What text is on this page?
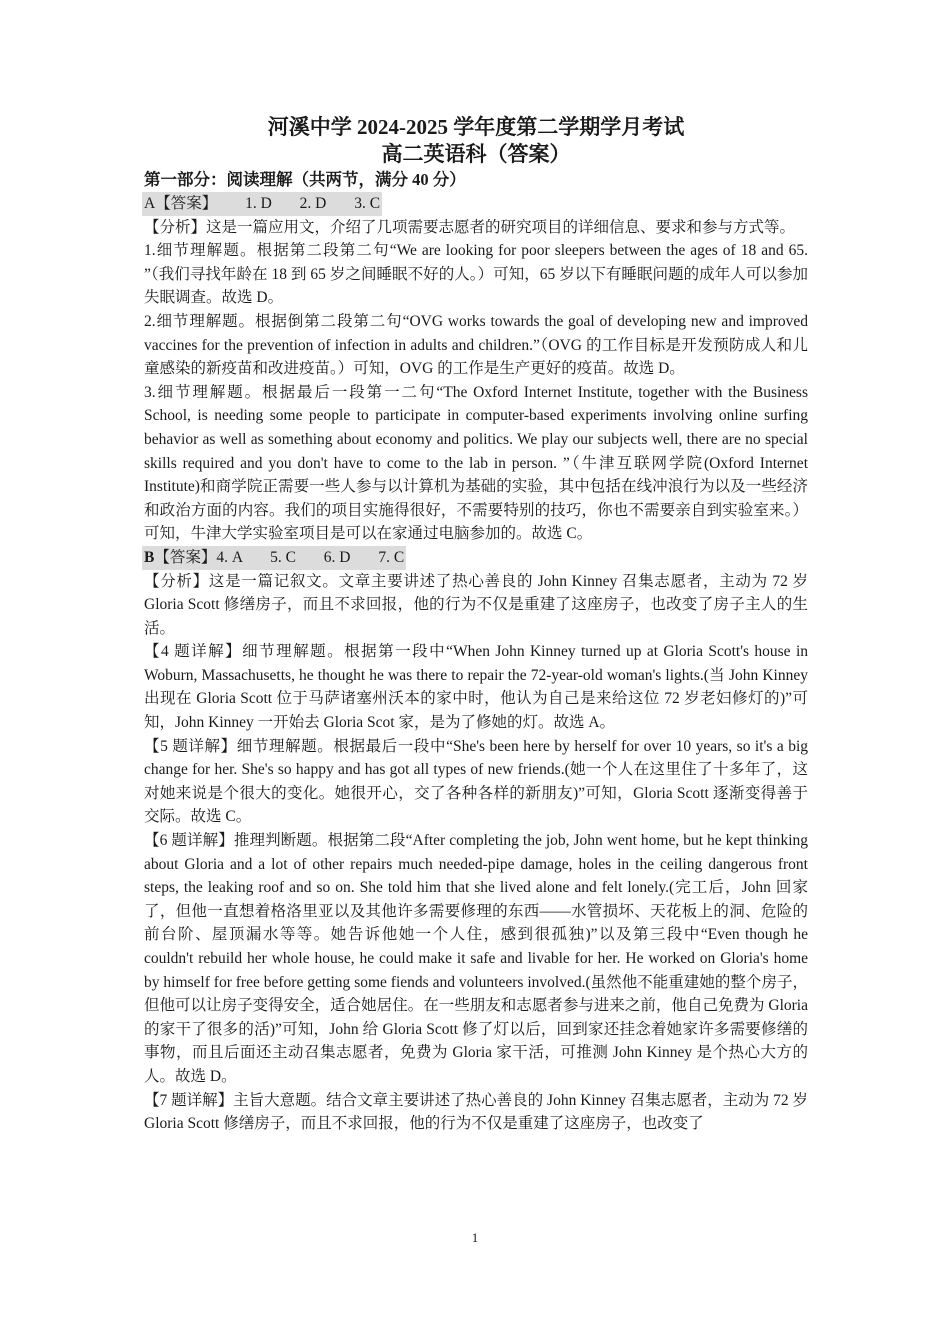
河溪中学 2024-2025 学年度第二学期学月考试

高二英语科（答案）

第一部分：阅读理解（共两节，满分 40 分）

A【答案】 1. D 2. D 3. C

【分析】这是一篇应用文，介绍了几项需要志愿者的研究项目的详细信息、要求和参与方式等。

1.细节理解题。根据第二段第二句“We are looking for poor sleepers between the ages of 18 and 65. ”（我们寻找年龄在 18 到 65 岁之间睡眠不好的人。）可知，65 岁以下有睡眠问题的成年人可以参加失眠调查。故选 D。

2.细节理解题。根据倒第二段第二句“OVG works towards the goal of developing new and improved vaccines for the prevention of infection in adults and children.”（OVG 的工作目标是开发预防成人和儿童感染的新疫苗和改进疫苗。）可知，OVG 的工作是生产更好的疫苗。故选 D。

3.细节理解题。根据最后一段第一二句“The Oxford Internet Institute, together with the Business School, is needing some people to participate in computer-based experiments involving online surfing behavior as well as something about economy and politics. We play our subjects well, there are no special skills required and you don't have to come to the lab in person. ”（牛津互联网学院(Oxford Internet Institute)和商学院正需要一些人参与以计算机为基础的实验，其中包括在线冲浪行为以及一些经济和政治方面的内容。我们的项目实施得很好，不需要特别的技巧，你也不需要亲自到实验室来。）可知，牛津大学实验室项目是可以在家通过电脑参加的。故选 C。

B【答案】4. A 5. C 6. D 7. C

【分析】这是一篇记叙文。文章主要讲述了热心善良的 John Kinney 召集志愿者，主动为 72 岁 Gloria Scott 修缮房子，而且不求回报，他的行为不仅是重建了这座房子，也改变了房子主人的生活。

【4 题详解】细节理解题。根据第一段中“When John Kinney turned up at Gloria Scott's house in Woburn, Massachusetts, he thought he was there to repair the 72-year-old woman's lights.(当 John Kinney 出现在 Gloria Scott 位于马萨诸塞州沃本的家中时，他认为自己是来给这位 72 岁老妇修灯的)”可知，John Kinney 一开始去 Gloria Scot 家，是为了修她的灯。故选 A。

【5 题详解】细节理解题。根据最后一段中“She's been here by herself for over 10 years, so it's a big change for her. She's so happy and has got all types of new friends.(她一个人在这里住了十多年了，这对她来说是个很大的变化。她很开心，交了各种各样的新朋友)”可知，Gloria Scott 逐渐变得善于交际。故选 C。

【6 题详解】推理判断题。根据第二段“After completing the job, John went home, but he kept thinking about Gloria and a lot of other repairs much needed-pipe damage, holes in the ceiling dangerous front steps, the leaking roof and so on. She told him that she lived alone and felt lonely.(完工后，John 回家了，但他一直想着格洛里亚以及其他许多需要修理的东西——水管损坏、天花板上的洞、危险的前台阶、屋顶漏水等等。她告诉他她一个人住，感到很孤独)”以及第三段中“Even though he couldn't rebuild her whole house, he could make it safe and livable for her. He worked on Gloria's home by himself for free before getting some fiends and volunteers involved.(虽然他不能重建她的整个房子，但他可以让房子变得安全，适合她居住。在一些朋友和志愿者参与进来之前，他自己免费为 Gloria 的家干了很多的活)”可知，John 给 Gloria Scott 修了灯以后，回到家还挂念着她家许多需要修缮的事物，而且后面还主动召集志愿者，免费为 Gloria 家干活，可推测 John Kinney 是个热心大方的人。故选 D。

【7 题详解】主旨大意题。结合文章主要讲述了热心善良的 John Kinney 召集志愿者，主动为 72 岁 Gloria Scott 修缮房子，而且不求回报，他的行为不仅是重建了这座房子，也改变了

1
